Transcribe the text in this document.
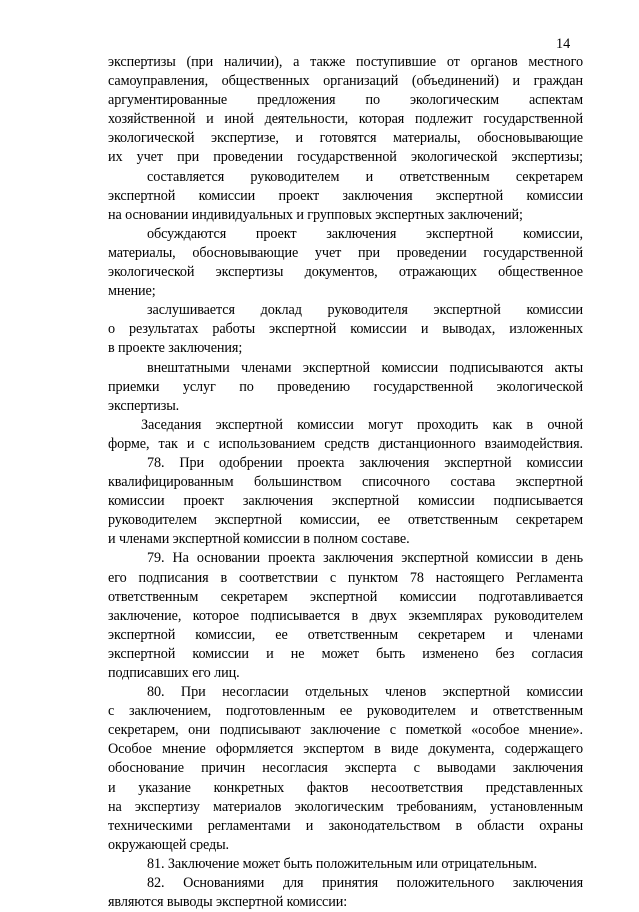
14
экспертизы (при наличии), а также поступившие от органов местного
самоуправления, общественных организаций (объединений) и граждан
аргументированные предложения по экологическим аспектам
хозяйственной и иной деятельности, которая подлежит государственной
экологической экспертизе, и готовятся материалы, обосновывающие
их учет при проведении государственной экологической экспертизы;
составляется руководителем и ответственным секретарем
экспертной комиссии проект заключения экспертной комиссии
на основании индивидуальных и групповых экспертных заключений;
обсуждаются проект заключения экспертной комиссии,
материалы, обосновывающие учет при проведении государственной
экологической экспертизы документов, отражающих общественное
мнение;
заслушивается доклад руководителя экспертной комиссии
о результатах работы экспертной комиссии и выводах, изложенных
в проекте заключения;
внештатными членами экспертной комиссии подписываются акты
приемки услуг по проведению государственной экологической
экспертизы.
Заседания экспертной комиссии могут проходить как в очной
форме, так и с использованием средств дистанционного взаимодействия.
78. При одобрении проекта заключения экспертной комиссии
квалифицированным большинством списочного состава экспертной
комиссии проект заключения экспертной комиссии подписывается
руководителем экспертной комиссии, ее ответственным секретарем
и членами экспертной комиссии в полном составе.
79. На основании проекта заключения экспертной комиссии в день
его подписания в соответствии с пунктом 78 настоящего Регламента
ответственным секретарем экспертной комиссии подготавливается
заключение, которое подписывается в двух экземплярах руководителем
экспертной комиссии, ее ответственным секретарем и членами
экспертной комиссии и не может быть изменено без согласия
подписавших его лиц.
80. При несогласии отдельных членов экспертной комиссии
с заключением, подготовленным ее руководителем и ответственным
секретарем, они подписывают заключение с пометкой «особое мнение».
Особое мнение оформляется экспертом в виде документа, содержащего
обоснование причин несогласия эксперта с выводами заключения
и указание конкретных фактов несоответствия представленных
на экспертизу материалов экологическим требованиям, установленным
техническими регламентами и законодательством в области охраны
окружающей среды.
81. Заключение может быть положительным или отрицательным.
82. Основаниями для принятия положительного заключения
являются выводы экспертной комиссии:
